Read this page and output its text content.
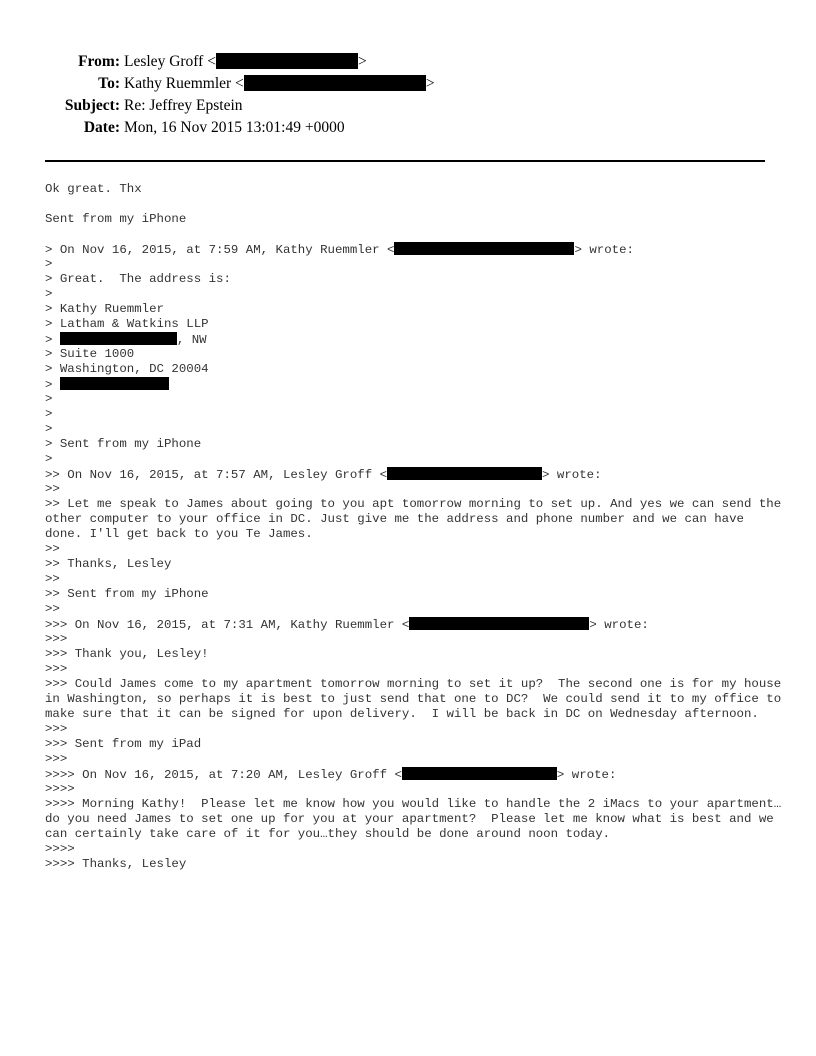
From: Lesley Groff <	>
To: Kathy Ruemmler <	>
Subject: Re: Jeffrey Epstein
Date: Mon, 16 Nov 2015 13:01:49 +0000
Ok great. Thx
Sent from my iPhone
> On Nov 16, 2015, at 7:59 AM, Kathy Ruemmler <	> wrote:
>
> Great.  The address is:
>
> Kathy Ruemmler
> Latham & Watkins LLP
>	, NW
> Suite 1000
> Washington, DC 20004
>
>
>
>
> Sent from my iPhone
>
>> On Nov 16, 2015, at 7:57 AM, Lesley Groff <	> wrote:
>>
>> Let me speak to James about going to you apt tomorrow morning to set up. And yes we can send the other computer to your office in DC. Just give me the address and phone number and we can have done. I'll get back to you Te James.
>>
>> Thanks, Lesley
>>
>> Sent from my iPhone
>>
>>> On Nov 16, 2015, at 7:31 AM, Kathy Ruemmler <	> wrote:
>>>
>>> Thank you, Lesley!
>>>
>>> Could James come to my apartment tomorrow morning to set it up?  The second one is for my house in Washington, so perhaps it is best to just send that one to DC?  We could send it to my office to make sure that it can be signed for upon delivery.  I will be back in DC on Wednesday afternoon.
>>>
>>> Sent from my iPad
>>>
>>>> On Nov 16, 2015, at 7:20 AM, Lesley Groff <	> wrote:
>>>>
>>>> Morning Kathy!  Please let me know how you would like to handle the 2 iMacs to your apartment…do you need James to set one up for you at your apartment?  Please let me know what is best and we can certainly take care of it for you…they should be done around noon today.
>>>>
>>>> Thanks, Lesley
